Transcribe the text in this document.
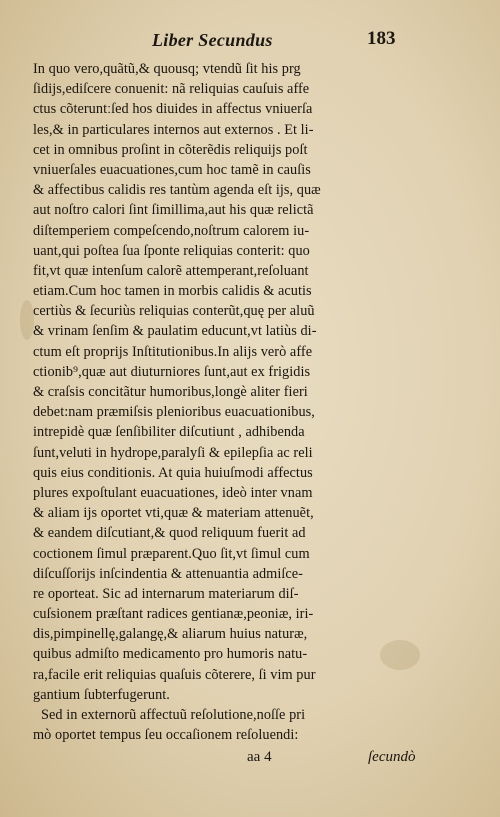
Liber Secundus	183
In quo vero,quãtũ,& quousq; vtendũ ſit his prg
ſidijs,ediſcere conuenit: nã reliquias cauſuis affe
ctus cõteruntːſed hos diuides in affectus vniuerſa
les,& in particulares internos aut externos . Et li-
cet in omnibus proſint in cõterẽdis reliquijs poſt
vniuerſales euacuationes,cum hoc tamẽ in cauſis
& affectibus calidis res tantùm agenda eſt ijs, quæ
aut noſtro calori ſint ſimillima,aut his quæ relictã
diſtemperiem compeſcendo,noſtrum calorem iu-
uant,qui poſtea ſua ſponte reliquias conterit: quo
fit,vt quæ intenſum calorẽ attemperant,reſoluant
etiam.Cum hoc tamen in morbis calidis & acutis
certiùs & ſecuriùs reliquias conterũt,quę per aluũ
& vrinam ſenſim & paulatim educunt,vt latiùs di-
ctum eſt proprijs Inſtitutionibus.In alijs verò affe
ctionib⁹,quæ aut diuturniores ſunt,aut ex frigidis
& craſsis concitãtur humoribus,longè aliter fieri
debet:nam præmiſsis plenioribus euacuationibus,
intrepidè quæ ſenſibiliter diſcutiunt , adhibenda
ſunt,veluti in hydrope,paralyſi & epilepſia ac reli
quis eius conditionis. At quia huiuſmodi affectus
plures expoſtulant euacuationes, ideò inter vnam
& aliam ijs oportet vti,quæ & materiam attenuẽt,
& eandem diſcutiant,& quod reliquum fuerit ad
coctionem ſimul præparent.Quo ſit,vt ſimul cum
diſcuſſorijs inſcindentia & attenuantia admiſce-
re oporteat. Sic ad internarum materiarum diſ-
cuſsionem præſtant radices gentianæ,peoniæ, iri-
dis,pimpinellę,galangę,& aliarum huius naturæ,
quibus admiſto medicamento pro humoris natu-
ra,facile erit reliquias quaſuis cõterere, ſi vim pur
gantium ſubterfugerunt.
Sed in externorũ affectuũ reſolutione,noſſe pri
mò oportet tempus ſeu occaſionem reſoluendi:
aa 4	ſecundò
